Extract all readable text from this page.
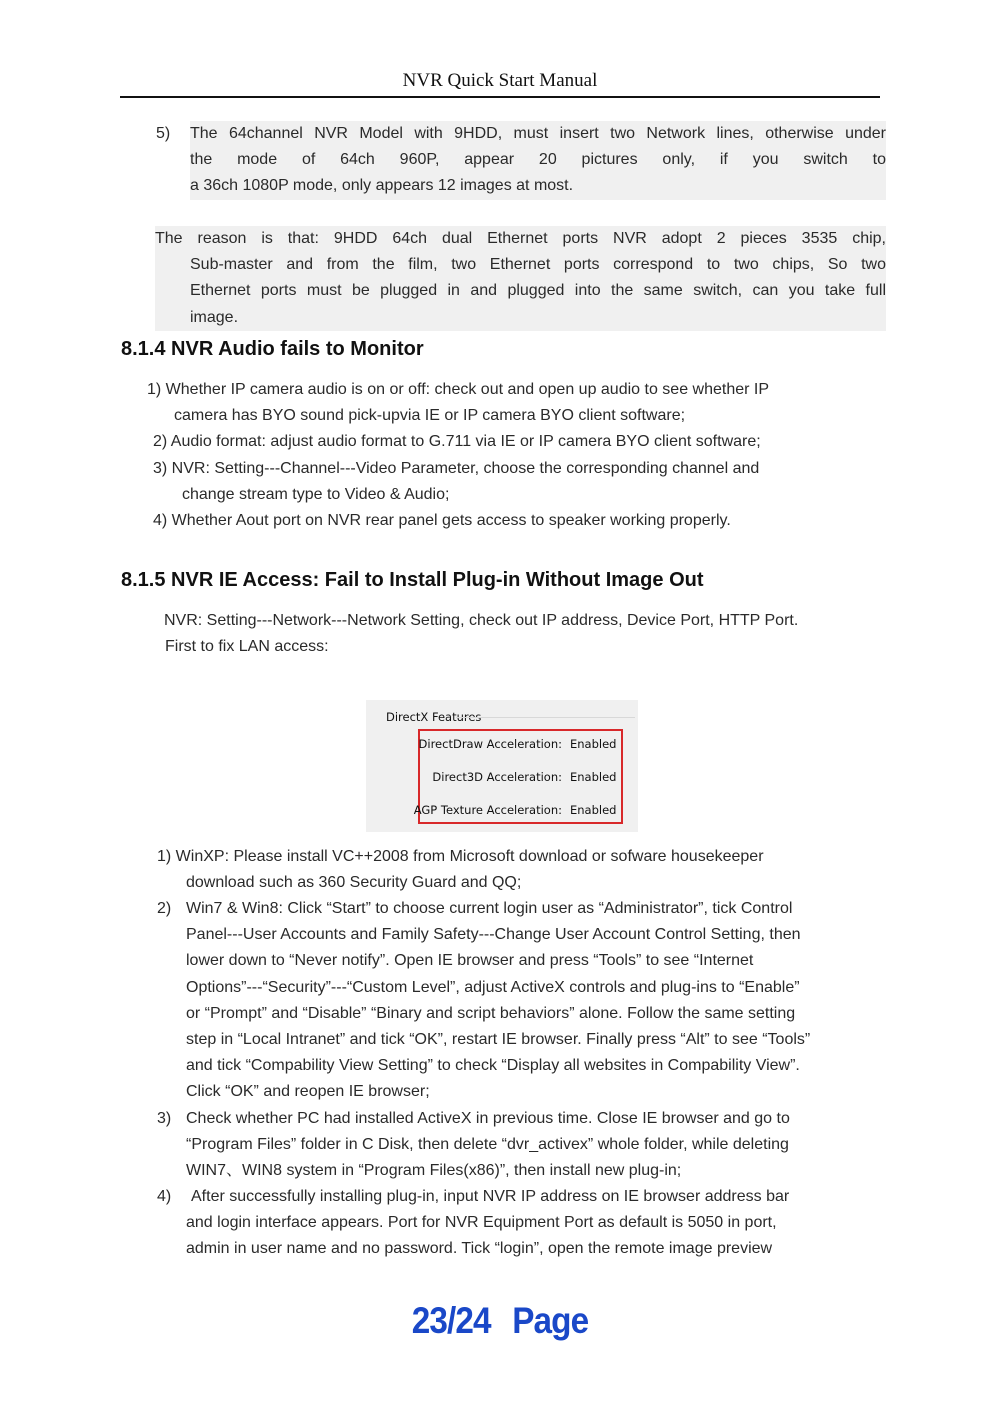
NVR Quick Start Manual
5) The 64channel NVR Model with 9HDD, must insert two Network lines, otherwise under
the mode of 64ch 960P, appear 20 pictures only, if you switch to
a 36ch 1080P mode, only appears 12 images at most.
The reason is that: 9HDD 64ch dual Ethernet ports NVR adopt 2 pieces 3535 chip,
Sub-master and from the film, two Ethernet ports correspond to two chips, So two
Ethernet ports must be plugged in and plugged into the same switch, can you take full
image.
8.1.4 NVR Audio fails to Monitor
1) Whether IP camera audio is on or off: check out and open up audio to see whether IP
camera has BYO sound pick-upvia IE or IP camera BYO client software;
2) Audio format: adjust audio format to G.711 via IE or IP camera BYO client software;
3) NVR: Setting---Channel---Video Parameter, choose the corresponding channel and
change stream type to Video & Audio;
4) Whether Aout port on NVR rear panel gets access to speaker working properly.
8.1.5 NVR IE Access: Fail to Install Plug-in Without Image Out
NVR: Setting---Network---Network Setting, check out IP address, Device Port, HTTP Port.
First to fix LAN access:
DirectX Features
DirectDraw Acceleration: Enabled
Direct3D Acceleration: Enabled
AGP Texture Acceleration: Enabled
1) WinXP: Please install VC++2008 from Microsoft download or sofware housekeeper
download such as 360 Security Guard and QQ;
2) Win7 & Win8: Click “Start” to choose current login user as “Administrator”, tick Control
Panel---User Accounts and Family Safety---Change User Account Control Setting, then
lower down to “Never notify”. Open IE browser and press “Tools” to see “Internet
Options”---“Security”---“Custom Level”, adjust ActiveX controls and plug-ins to “Enable”
or “Prompt” and “Disable” “Binary and script behaviors” alone. Follow the same setting
step in “Local Intranet” and tick “OK”, restart IE browser. Finally press “Alt” to see “Tools”
and tick “Compability View Setting” to check “Display all websites in Compability View”.
Click “OK” and reopen IE browser;
3) Check whether PC had installed ActiveX in previous time. Close IE browser and go to
“Program Files” folder in C Disk, then delete “dvr_activex” whole folder, while deleting
WIN7、WIN8 system in “Program Files(x86)”, then install new plug-in;
4) After successfully installing plug-in, input NVR IP address on IE browser address bar
and login interface appears. Port for NVR Equipment Port as default is 5050 in port,
admin in user name and no password. Tick “login”, open the remote image preview
23/24 Page
